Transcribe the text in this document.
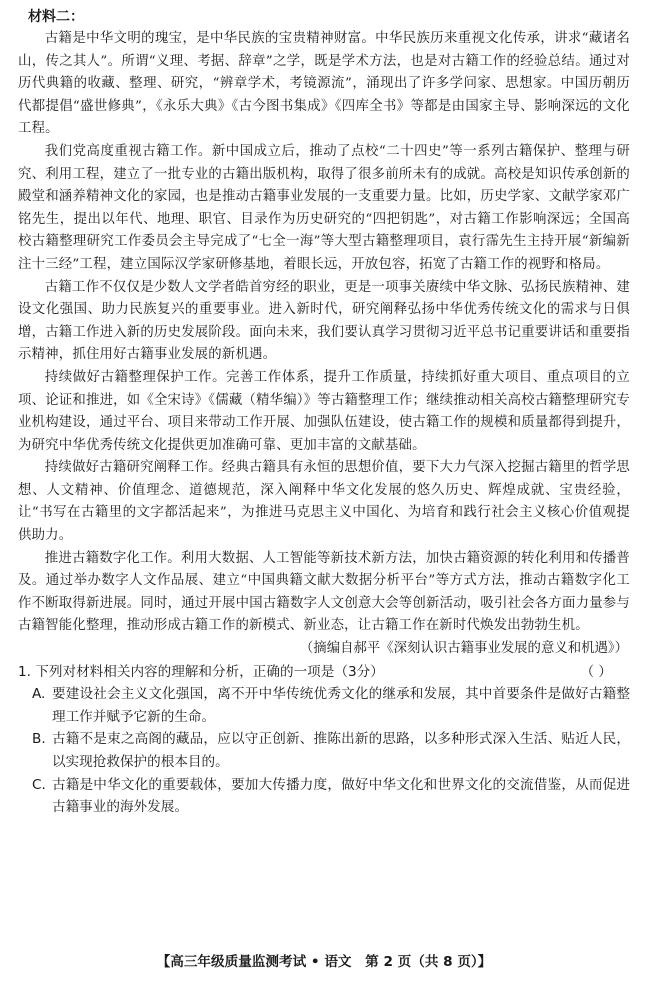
材料二：

古籍是中华文明的瑰宝，是中华民族的宝贵精神财富。中华民族历来重视文化传承，讲求“藏诸名山，传之其人”。所谓“义理、考据、辞章”之学，既是学术方法，也是对古籍工作的经验总结。通过对历代典籍的收藏、整理、研究，“辨章学术，考镜源流”，涌现出了许多学问家、思想家。中国历朝历代都提倡“盛世修典”，《永乐大典》《古今图书集成》《四库全书》等都是由国家主导、影响深远的文化工程。

我们党高度重视古籍工作。新中国成立后，推动了点校“二十四史”等一系列古籍保护、整理与研究、利用工程，建立了一批专业的古籍出版机构，取得了很多前所未有的成就。高校是知识传承创新的殿堂和涵养精神文化的家园，也是推动古籍事业发展的一支重要力量。比如，历史学家、文献学家邓广铭先生，提出以年代、地理、职官、目录作为历史研究的“四把钥匙”，对古籍工作影响深远；全国高校古籍整理研究工作委员会主导完成了“七全一海”等大型古籍整理项目，袁行霈先生主持开展“新编新注十三经”工程，建立国际汉学家研修基地，着眼长远，开放包容，拓宽了古籍工作的视野和格局。

古籍工作不仅仅是少数人文学者皓首穷经的职业，更是一项事关赓续中华文脉、弘扬民族精神、建设文化强国、助力民族复兴的重要事业。进入新时代，研究阐释弘扬中华优秀传统文化的需求与日俱增，古籍工作进入新的历史发展阶段。面向未来，我们要认真学习贯彻习近平总书记重要讲话和重要指示精神，抓住用好古籍事业发展的新机遇。

持续做好古籍整理保护工作。完善工作体系，提升工作质量，持续抓好重大项目、重点项目的立项、论证和推进，如《全宋诗》《儒藏（精华编）》等古籍整理工作；继续推动相关高校古籍整理研究专业机构建设，通过平台、项目来带动工作开展、加强队伍建设，使古籍工作的规模和质量都得到提升，为研究中华优秀传统文化提供更加准确可靠、更加丰富的文献基础。

持续做好古籍研究阐释工作。经典古籍具有永恒的思想价值，要下大力气深入挖掘古籍里的哲学思想、人文精神、价值理念、道德规范，深入阐释中华文化发展的悠久历史、辉煌成就、宝贵经验，让“书写在古籍里的文字都活起来”，为推进马克思主义中国化、为培育和践行社会主义核心价值观提供助力。

推进古籍数字化工作。利用大数据、人工智能等新技术新方法，加快古籍资源的转化利用和传播普及。通过举办数字人文作品展、建立“中国典籍文献大数据分析平台”等方式方法，推动古籍数字化工作不断取得新进展。同时，通过开展中国古籍数字人文创意大会等创新活动，吸引社会各方面力量参与古籍智能化整理，推动形成古籍工作的新模式、新业态，让古籍工作在新时代焕发出勃勃生机。

（摘编自郝平《深刻认识古籍事业发展的意义和机遇》）

1. 下列对材料相关内容的理解和分析，正确的一项是（3分）	（ ）
A. 要建设社会主义文化强国，离不开中华传统优秀文化的继承和发展，其中首要条件是做好古籍整理工作并赋予它新的生命。
B. 古籍不是束之高阁的藏品，应以守正创新、推陈出新的思路，以多种形式深入生活、贴近人民，以实现抢救保护的根本目的。
C. 古籍是中华文化的重要载体，要加大传播力度，做好中华文化和世界文化的交流借鉴，从而促进古籍事业的海外发展。
【高三年级质量监测考试 • 语文　第 2 页（共 8 页）】
